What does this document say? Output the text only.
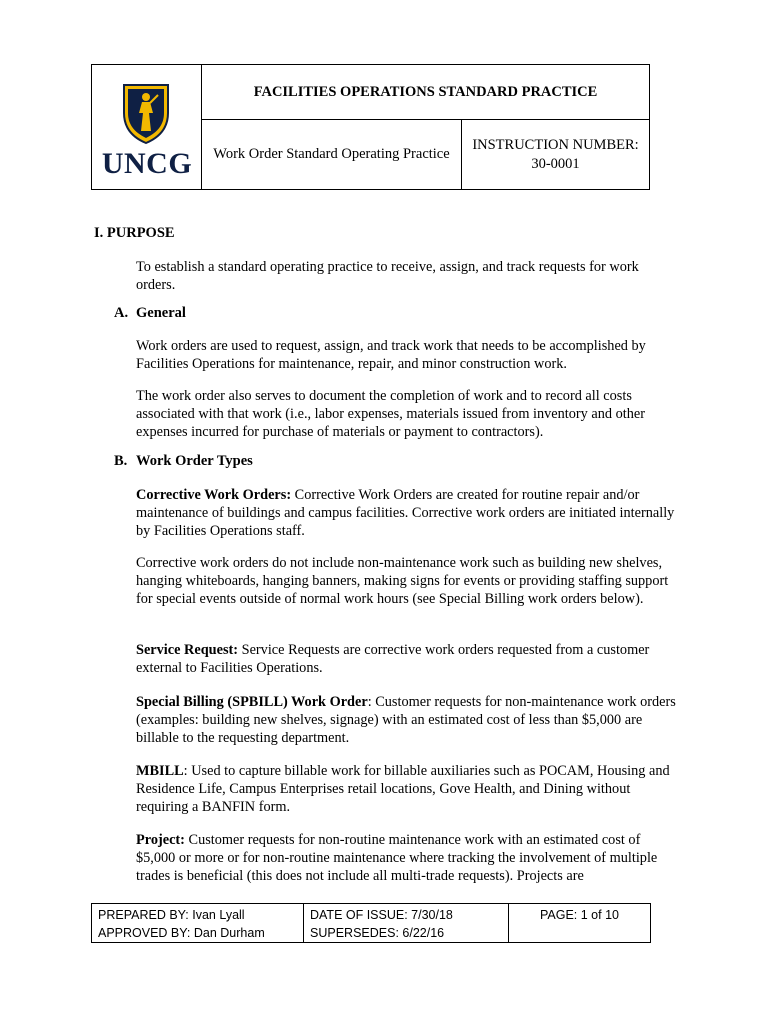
UNCG
FACILITIES OPERATIONS STANDARD PRACTICE
Work Order Standard Operating Practice
INSTRUCTION NUMBER:
30-0001
I. PURPOSE
To establish a standard operating practice to receive, assign, and track requests for work orders.
A. General
Work orders are used to request, assign, and track work that needs to be accomplished by Facilities Operations for maintenance, repair, and minor construction work.
The work order also serves to document the completion of work and to record all costs associated with that work (i.e., labor expenses, materials issued from inventory and other expenses incurred for purchase of materials or payment to contractors).
B. Work Order Types
Corrective Work Orders: Corrective Work Orders are created for routine repair and/or maintenance of buildings and campus facilities. Corrective work orders are initiated internally by Facilities Operations staff.
Corrective work orders do not include non-maintenance work such as building new shelves, hanging whiteboards, hanging banners, making signs for events or providing staffing support for special events outside of normal work hours (see Special Billing work orders below).
Service Request: Service Requests are corrective work orders requested from a customer external to Facilities Operations.
Special Billing (SPBILL) Work Order: Customer requests for non-maintenance work orders (examples: building new shelves, signage) with an estimated cost of less than $5,000 are billable to the requesting department.
MBILL: Used to capture billable work for billable auxiliaries such as POCAM, Housing and Residence Life, Campus Enterprises retail locations, Gove Health, and Dining without requiring a BANFIN form.
Project: Customer requests for non-routine maintenance work with an estimated cost of $5,000 or more or for non-routine maintenance where tracking the involvement of multiple trades is beneficial (this does not include all multi-trade requests). Projects are
PREPARED BY: Ivan Lyall
APPROVED BY: Dan Durham
DATE OF ISSUE: 7/30/18
SUPERSEDES: 6/22/16
PAGE: 1 of 10
